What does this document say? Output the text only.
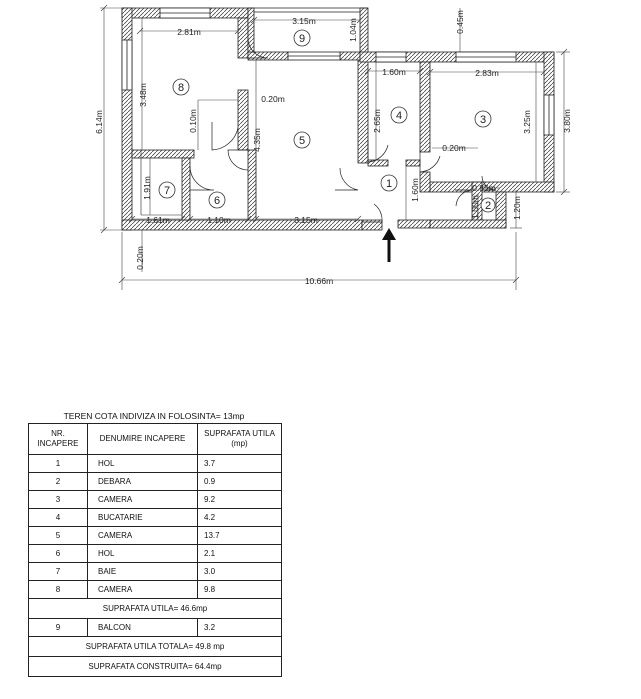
9
8
5
4	3
1
2
7
6
3.15m
2.81m
1.60m	2.83m
0.20m
0.20m
0.85m
1.61m	1.10m	3.15m
10.66m
1.04m	0.45m
6.14m
3.48m
0.10m
4.35m
2.65m	3.25m	3.80m
1.91m	1.60m
1.00m	1.20m
0.20m
TEREN COTA INDIVIZA IN FOLOSINTA= 13mp
NR.
INCAPERE	DENUMIRE INCAPERE	SUPRAFATA UTILA
(mp)
1	HOL	3.7
2	DEBARA	0.9
3	CAMERA	9.2
4	BUCATARIE	4.2
5	CAMERA	13.7
6	HOL	2.1
7	BAIE	3.0
8	CAMERA	9.8
SUPRAFATA UTILA= 46.6mp		
9	BALCON	3.2
SUPRAFATA UTILA TOTALA= 49.8 mp		
SUPRAFATA CONSTRUITA= 64.4mp		
